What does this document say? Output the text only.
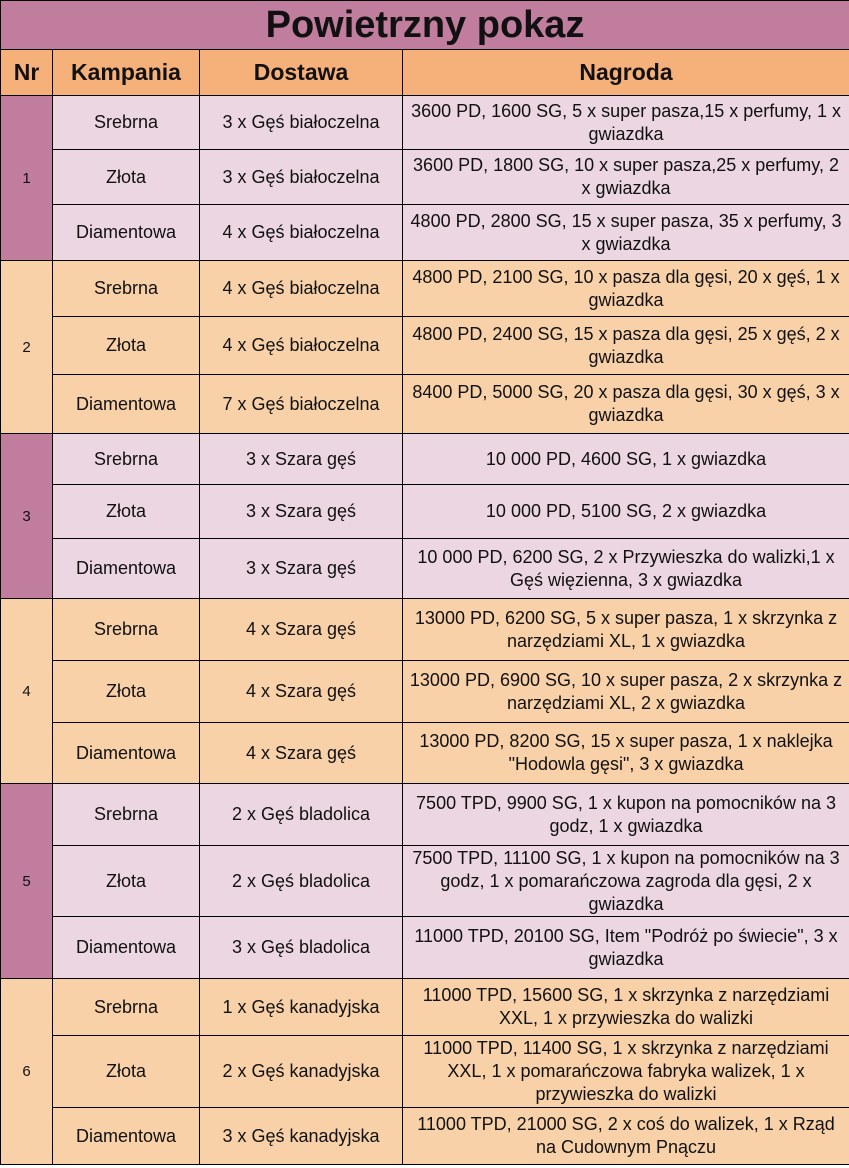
Powietrzny pokaz			
Nr	Kampania	Dostawa	Nagroda
1	Srebrna	3 x Gęś białoczelna	3600 PD, 1600 SG, 5 x super pasza,15 x perfumy, 1 x gwiazdka
	Złota	3 x Gęś białoczelna	3600 PD, 1800 SG, 10 x super pasza,25 x perfumy, 2 x gwiazdka
	Diamentowa	4 x Gęś białoczelna	4800 PD, 2800 SG, 15 x super pasza, 35 x perfumy, 3 x gwiazdka
2	Srebrna	4 x Gęś białoczelna	4800 PD, 2100 SG, 10 x pasza dla gęsi, 20 x gęś, 1 x gwiazdka
	Złota	4 x Gęś białoczelna	4800 PD, 2400 SG, 15 x pasza dla gęsi, 25 x gęś, 2 x gwiazdka
	Diamentowa	7 x Gęś białoczelna	8400 PD, 5000 SG, 20 x pasza dla gęsi, 30 x gęś, 3 x gwiazdka
3	Srebrna	3 x Szara gęś	10 000 PD, 4600 SG, 1 x gwiazdka
	Złota	3 x Szara gęś	10 000 PD, 5100 SG, 2 x gwiazdka
	Diamentowa	3 x Szara gęś	10 000 PD, 6200 SG, 2 x Przywieszka do walizki,1 x Gęś więzienna, 3 x gwiazdka
4	Srebrna	4 x Szara gęś	13000 PD, 6200 SG, 5 x super pasza, 1 x skrzynka z narzędziami XL, 1 x gwiazdka
	Złota	4 x Szara gęś	13000 PD, 6900 SG, 10 x super pasza, 2 x skrzynka z narzędziami XL, 2 x gwiazdka
	Diamentowa	4 x Szara gęś	13000 PD, 8200 SG, 15 x super pasza, 1 x naklejka "Hodowla gęsi", 3 x gwiazdka
5	Srebrna	2 x Gęś bladolica	7500 TPD, 9900 SG, 1 x kupon na pomocników na 3 godz, 1 x gwiazdka
	Złota	2 x Gęś bladolica	7500 TPD, 11100 SG, 1 x kupon na pomocników na 3 godz, 1 x pomarańczowa zagroda dla gęsi, 2 x gwiazdka
	Diamentowa	3 x Gęś bladolica	11000 TPD, 20100 SG, Item "Podróż po świecie", 3 x gwiazdka
6	Srebrna	1 x Gęś kanadyjska	11000 TPD, 15600 SG, 1 x skrzynka z narzędziami XXL, 1 x przywieszka do walizki
	Złota	2 x Gęś kanadyjska	11000 TPD, 11400 SG, 1 x skrzynka z narzędziami XXL, 1 x pomarańczowa fabryka walizek, 1 x przywieszka do walizki
	Diamentowa	3 x Gęś kanadyjska	11000 TPD, 21000 SG, 2 x coś do walizek, 1 x Rząd na Cudownym Pnączu
